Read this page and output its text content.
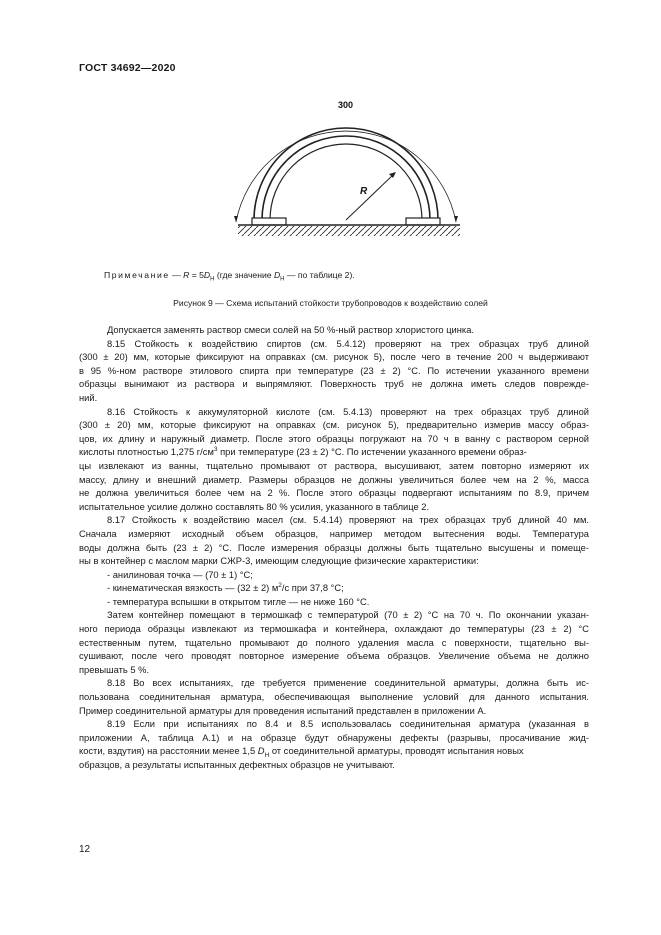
ГОСТ 34692—2020
300
R
Примечание — $R = 5D_Н$ (где значение $D_Н$ — по таблице 2).
Рисунок 9 — Схема испытаний стойкости трубопроводов к воздействию солей
Допускается заменять раствор смеси солей на 50 %-ный раствор хлористого цинка.
8.15 Стойкость к воздействию спиртов (см. 5.4.12) проверяют на трех образцах труб длиной
(300 ± 20) мм, которые фиксируют на оправках (см. рисунок 5), после чего в течение 200 ч выдерживают
в 95 %-ном растворе этилового спирта при температуре (23 ± 2) °С. По истечении указанного времени
образцы вынимают из раствора и выпрямляют. Поверхность труб не должна иметь следов поврежде-
ний.
8.16 Стойкость к аккумуляторной кислоте (см. 5.4.13) проверяют на трех образцах труб длиной
(300 ± 20) мм, которые фиксируют на оправках (см. рисунок 5), предварительно измерив массу образ-
цов, их длину и наружный диаметр. После этого образцы погружают на 70 ч в ванну с раствором серной
кислоты плотностью 1,275 $г/см^3$ при температуре (23 ± 2) °С. По истечении указанного времени образ-
цы извлекают из ванны, тщательно промывают от раствора, высушивают, затем повторно измеряют их
массу, длину и внешний диаметр. Размеры образцов не должны увеличиться более чем на 2 %, масса
не должна увеличиться более чем на 2 %. После этого образцы подвергают испытаниям по 8.9, причем
испытательное усилие должно составлять 80 % усилия, указанного в таблице 2.
8.17 Стойкость к воздействию масел (см. 5.4.14) проверяют на трех образцах труб длиной 40 мм.
Сначала измеряют исходный объем образцов, например методом вытеснения воды. Температура
воды должна быть (23 ± 2) °С. После измерения образцы должны быть тщательно высушены и помеще-
ны в контейнер с маслом марки СЖР-3, имеющим следующие физические характеристики:
- анилиновая точка — (70 ± 1) °С;
- кинематическая вязкость — (32 ± 2) $м^2/с$ при 37,8 °С;
- температура вспышки в открытом тигле — не ниже 160 °С.
Затем контейнер помещают в термошкаф с температурой (70 ± 2) °С на 70 ч. По окончании указан-
ного периода образцы извлекают из термошкафа и контейнера, охлаждают до температуры (23 ± 2) °С
естественным путем, тщательно промывают до полного удаления масла с поверхности, тщательно вы-
сушивают, после чего проводят повторное измерение объема образцов. Увеличение объема не должно
превышать 5 %.
8.18 Во всех испытаниях, где требуется применение соединительной арматуры, должна быть ис-
пользована соединительная арматура, обеспечивающая выполнение условий для данного испытания.
Пример соединительной арматуры для проведения испытаний представлен в приложении А.
8.19 Если при испытаниях по 8.4 и 8.5 использовалась соединительная арматура (указанная в
приложении А, таблица А.1) и на образце будут обнаружены дефекты (разрывы, просачивание жид-
кости, вздутия) на расстоянии менее 1,5 $D_Н$ от соединительной арматуры, проводят испытания новых
образцов, а результаты испытанных дефектных образцов не учитывают.
12
